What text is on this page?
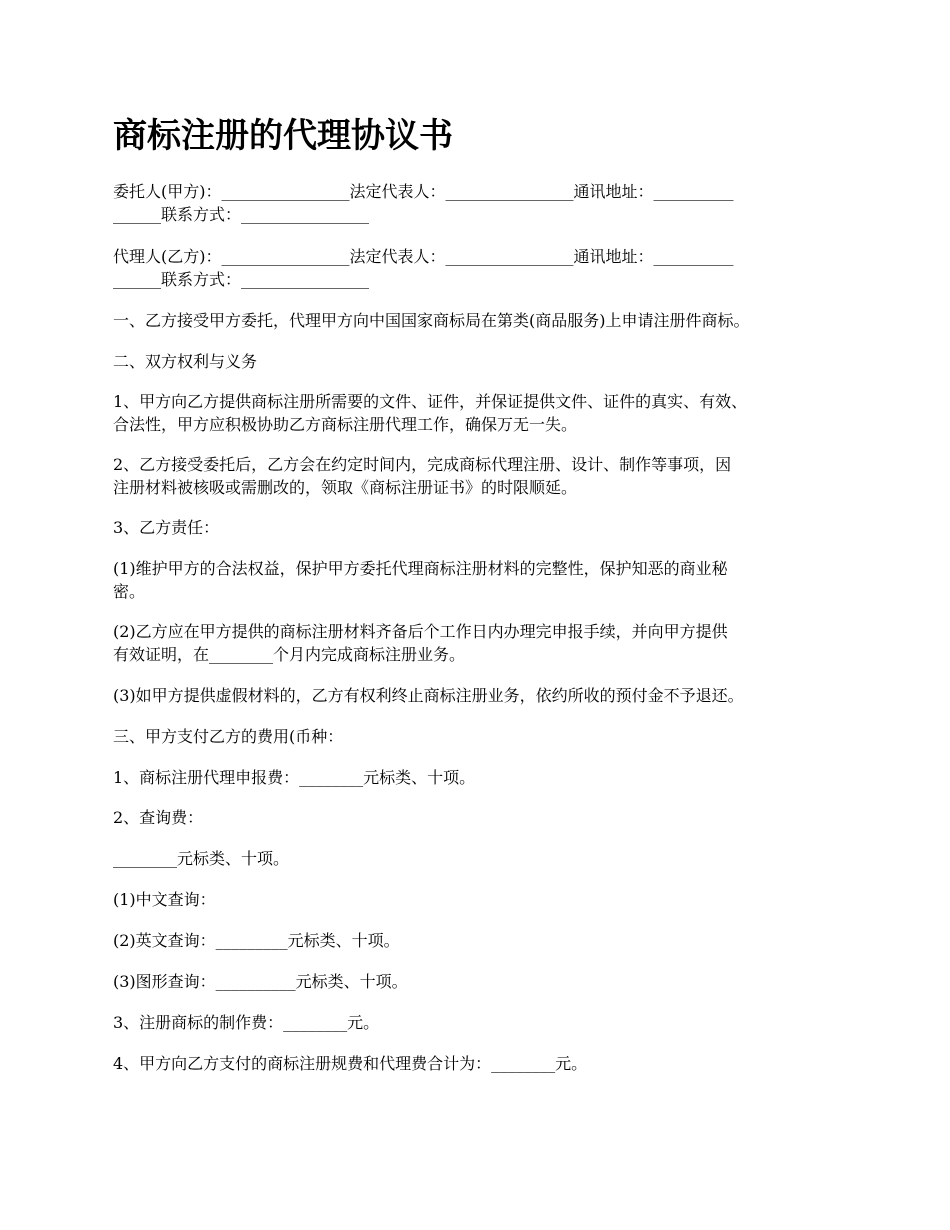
商标注册的代理协议书

委托人(甲方)：________________法定代表人：________________通讯地址：__________
______联系方式：________________

代理人(乙方)：________________法定代表人：________________通讯地址：__________
______联系方式：________________

一、乙方接受甲方委托，代理甲方向中国国家商标局在第类(商品服务)上申请注册件商标。

二、双方权利与义务

1、甲方向乙方提供商标注册所需要的文件、证件，并保证提供文件、证件的真实、有效、
合法性，甲方应积极协助乙方商标注册代理工作，确保万无一失。

2、乙方接受委托后，乙方会在约定时间内，完成商标代理注册、设计、制作等事项，因
注册材料被核吸或需删改的，领取《商标注册证书》的时限顺延。

3、乙方责任：

(1)维护甲方的合法权益，保护甲方委托代理商标注册材料的完整性，保护知恶的商业秘
密。

(2)乙方应在甲方提供的商标注册材料齐备后个工作日内办理完申报手续，并向甲方提供
有效证明，在________个月内完成商标注册业务。

(3)如甲方提供虚假材料的，乙方有权利终止商标注册业务，依约所收的预付金不予退还。

三、甲方支付乙方的费用(币种：

1、商标注册代理申报费：________元标类、十项。

2、查询费：

________元标类、十项。

(1)中文查询：

(2)英文查询：_________元标类、十项。

(3)图形查询：__________元标类、十项。

3、注册商标的制作费：________元。

4、甲方向乙方支付的商标注册规费和代理费合计为：________元。
